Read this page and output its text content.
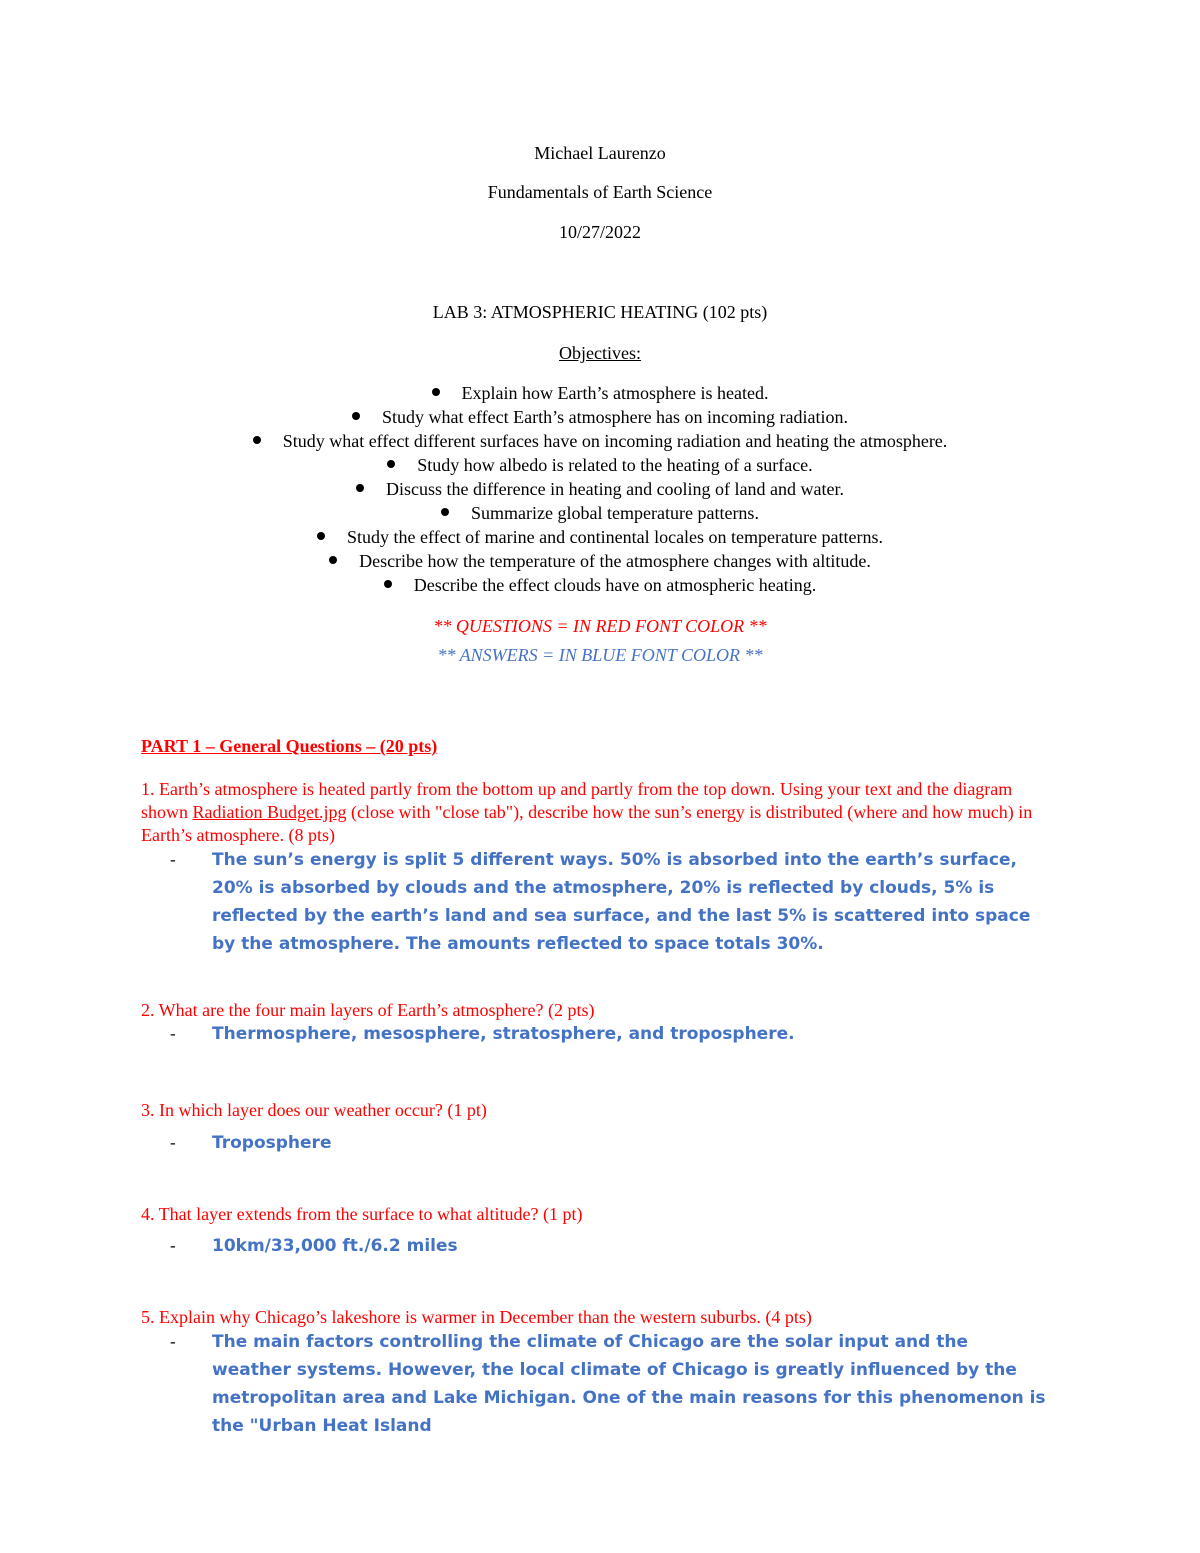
Michael Laurenzo
Fundamentals of Earth Science
10/27/2022
LAB 3: ATMOSPHERIC HEATING (102 pts)
Objectives:
Explain how Earth’s atmosphere is heated.
Study what effect Earth’s atmosphere has on incoming radiation.
Study what effect different surfaces have on incoming radiation and heating the atmosphere.
Study how albedo is related to the heating of a surface.
Discuss the difference in heating and cooling of land and water.
Summarize global temperature patterns.
Study the effect of marine and continental locales on temperature patterns.
Describe how the temperature of the atmosphere changes with altitude.
Describe the effect clouds have on atmospheric heating.
** QUESTIONS = IN RED FONT COLOR **
** ANSWERS = IN BLUE FONT COLOR **
PART 1 – General Questions – (20 pts)
1. Earth’s atmosphere is heated partly from the bottom up and partly from the top down. Using your text and the diagram shown Radiation Budget.jpg (close with "close tab"), describe how the sun’s energy is distributed (where and how much) in Earth’s atmosphere. (8 pts)
- The sun’s energy is split 5 different ways. 50% is absorbed into the earth’s surface, 20% is absorbed by clouds and the atmosphere, 20% is reflected by clouds, 5% is reflected by the earth’s land and sea surface, and the last 5% is scattered into space by the atmosphere. The amounts reflected to space totals 30%.
2. What are the four main layers of Earth’s atmosphere? (2 pts)
- Thermosphere, mesosphere, stratosphere, and troposphere.
3. In which layer does our weather occur? (1 pt)
- Troposphere
4. That layer extends from the surface to what altitude? (1 pt)
- 10km/33,000 ft./6.2 miles
5. Explain why Chicago’s lakeshore is warmer in December than the western suburbs. (4 pts)
- The main factors controlling the climate of Chicago are the solar input and the weather systems. However, the local climate of Chicago is greatly influenced by the metropolitan area and Lake Michigan. One of the main reasons for this phenomenon is the "Urban Heat Island
